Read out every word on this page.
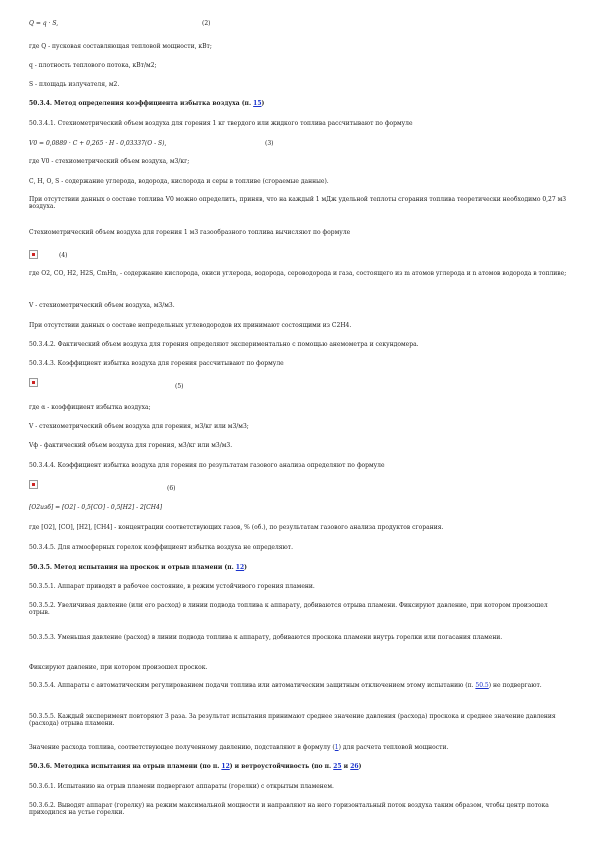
Q = q · S,	(2)
где Q - пусковая составляющая тепловой мощности, кВт;
q - плотность теплового потока, кВт/м2;
S - площадь излучателя, м2.
50.3.4. Метод определения коэффициента избытка воздуха (п. 15)
50.3.4.1. Стехиометрический объем воздуха для горения 1 кг твердого или жидкого топлива рассчитывают по формуле
V0 = 0,0889 · С + 0,265 · Н - 0,03337(О - S),	(3)
где V0 - стехиометрический объем воздуха, м3/кг;
С, Н, О, S - содержание углерода, водорода, кислорода и серы в топливе (сгораемые данные).
При отсутствии данных о составе топлива V0 можно определить, приняв, что на каждый 1 мДж удельной теплоты сгорания топлива теоретически необходимо 0,27 м3 воздуха.
Стехиометрический объем воздуха для горения 1 м3 газообразного топлива вычисляют по формуле
(4)
где О2, СО, Н2, Н2S, CmHn, - содержание кислорода, окиси углерода, водорода, сероводорода и газа, состоящего из m атомов углерода и n атомов водорода в топливе;
V - стехиометрический объем воздуха, м3/м3.
При отсутствии данных о составе непредельных углеводородов их принимают состоящими из С2Н4.
50.3.4.2. Фактический объем воздуха для горения определяют экспериментально с помощью анемометра и секундомера.
50.3.4.3. Коэффициент избытка воздуха для горения рассчитывают по формуле
(5)
где α - коэффициент избытка воздуха;
V - стехиометрический объем воздуха для горения, м3/кг или м3/м3;
Vф - фактический объем воздуха для горения, м3/кг или м3/м3.
50.3.4.4. Коэффициент избытка воздуха для горения по результатам газового анализа определяют по формуле
(6)
[O2изб] = [O2] - 0,5[CO] - 0,5[H2] - 2[CH4]
где [O2], [CO], [H2], [CH4] - концентрации соответствующих газов, % (об.), по результатам газового анализа продуктов сгорания.
50.3.4.5. Для атмосферных горелок коэффициент избытка воздуха не определяют.
50.3.5. Метод испытания на проскок и отрыв пламени (п. 12)
50.3.5.1. Аппарат приводят в рабочее состояние, в режим устойчивого горения пламени.
50.3.5.2. Увеличивая давление (или его расход) в линии подвода топлива к аппарату, добиваются отрыва пламени. Фиксируют давление, при котором произошел отрыв.
50.3.5.3. Уменьшая давление (расход) в линии подвода топлива к аппарату, добиваются проскока пламени внутрь горелки или погасания пламени.
Фиксируют давление, при котором произошел проскок.
50.3.5.4. Аппараты с автоматическим регулированием подачи топлива или автоматическим защитным отключением этому испытанию (п. 50.5) не подвергают.
50.3.5.5. Каждый эксперимент повторяют 3 раза. За результат испытания принимают среднее значение давления (расхода) проскока и среднее значение давления (расхода) отрыва пламени.
Значение расхода топлива, соответствующее полученному давлению, подставляют в формулу (1) для расчета тепловой мощности.
50.3.6. Методика испытания на отрыв пламени (по п. 12) и ветроустойчивость (по п. 25 и 26)
50.3.6.1. Испытанию на отрыв пламени подвергают аппараты (горелки) с открытым пламенем.
50.3.6.2. Выводят аппарат (горелку) на режим максимальной мощности и направляют на него горизонтальный поток воздуха таким образом, чтобы центр потока приходился на устье горелки.
